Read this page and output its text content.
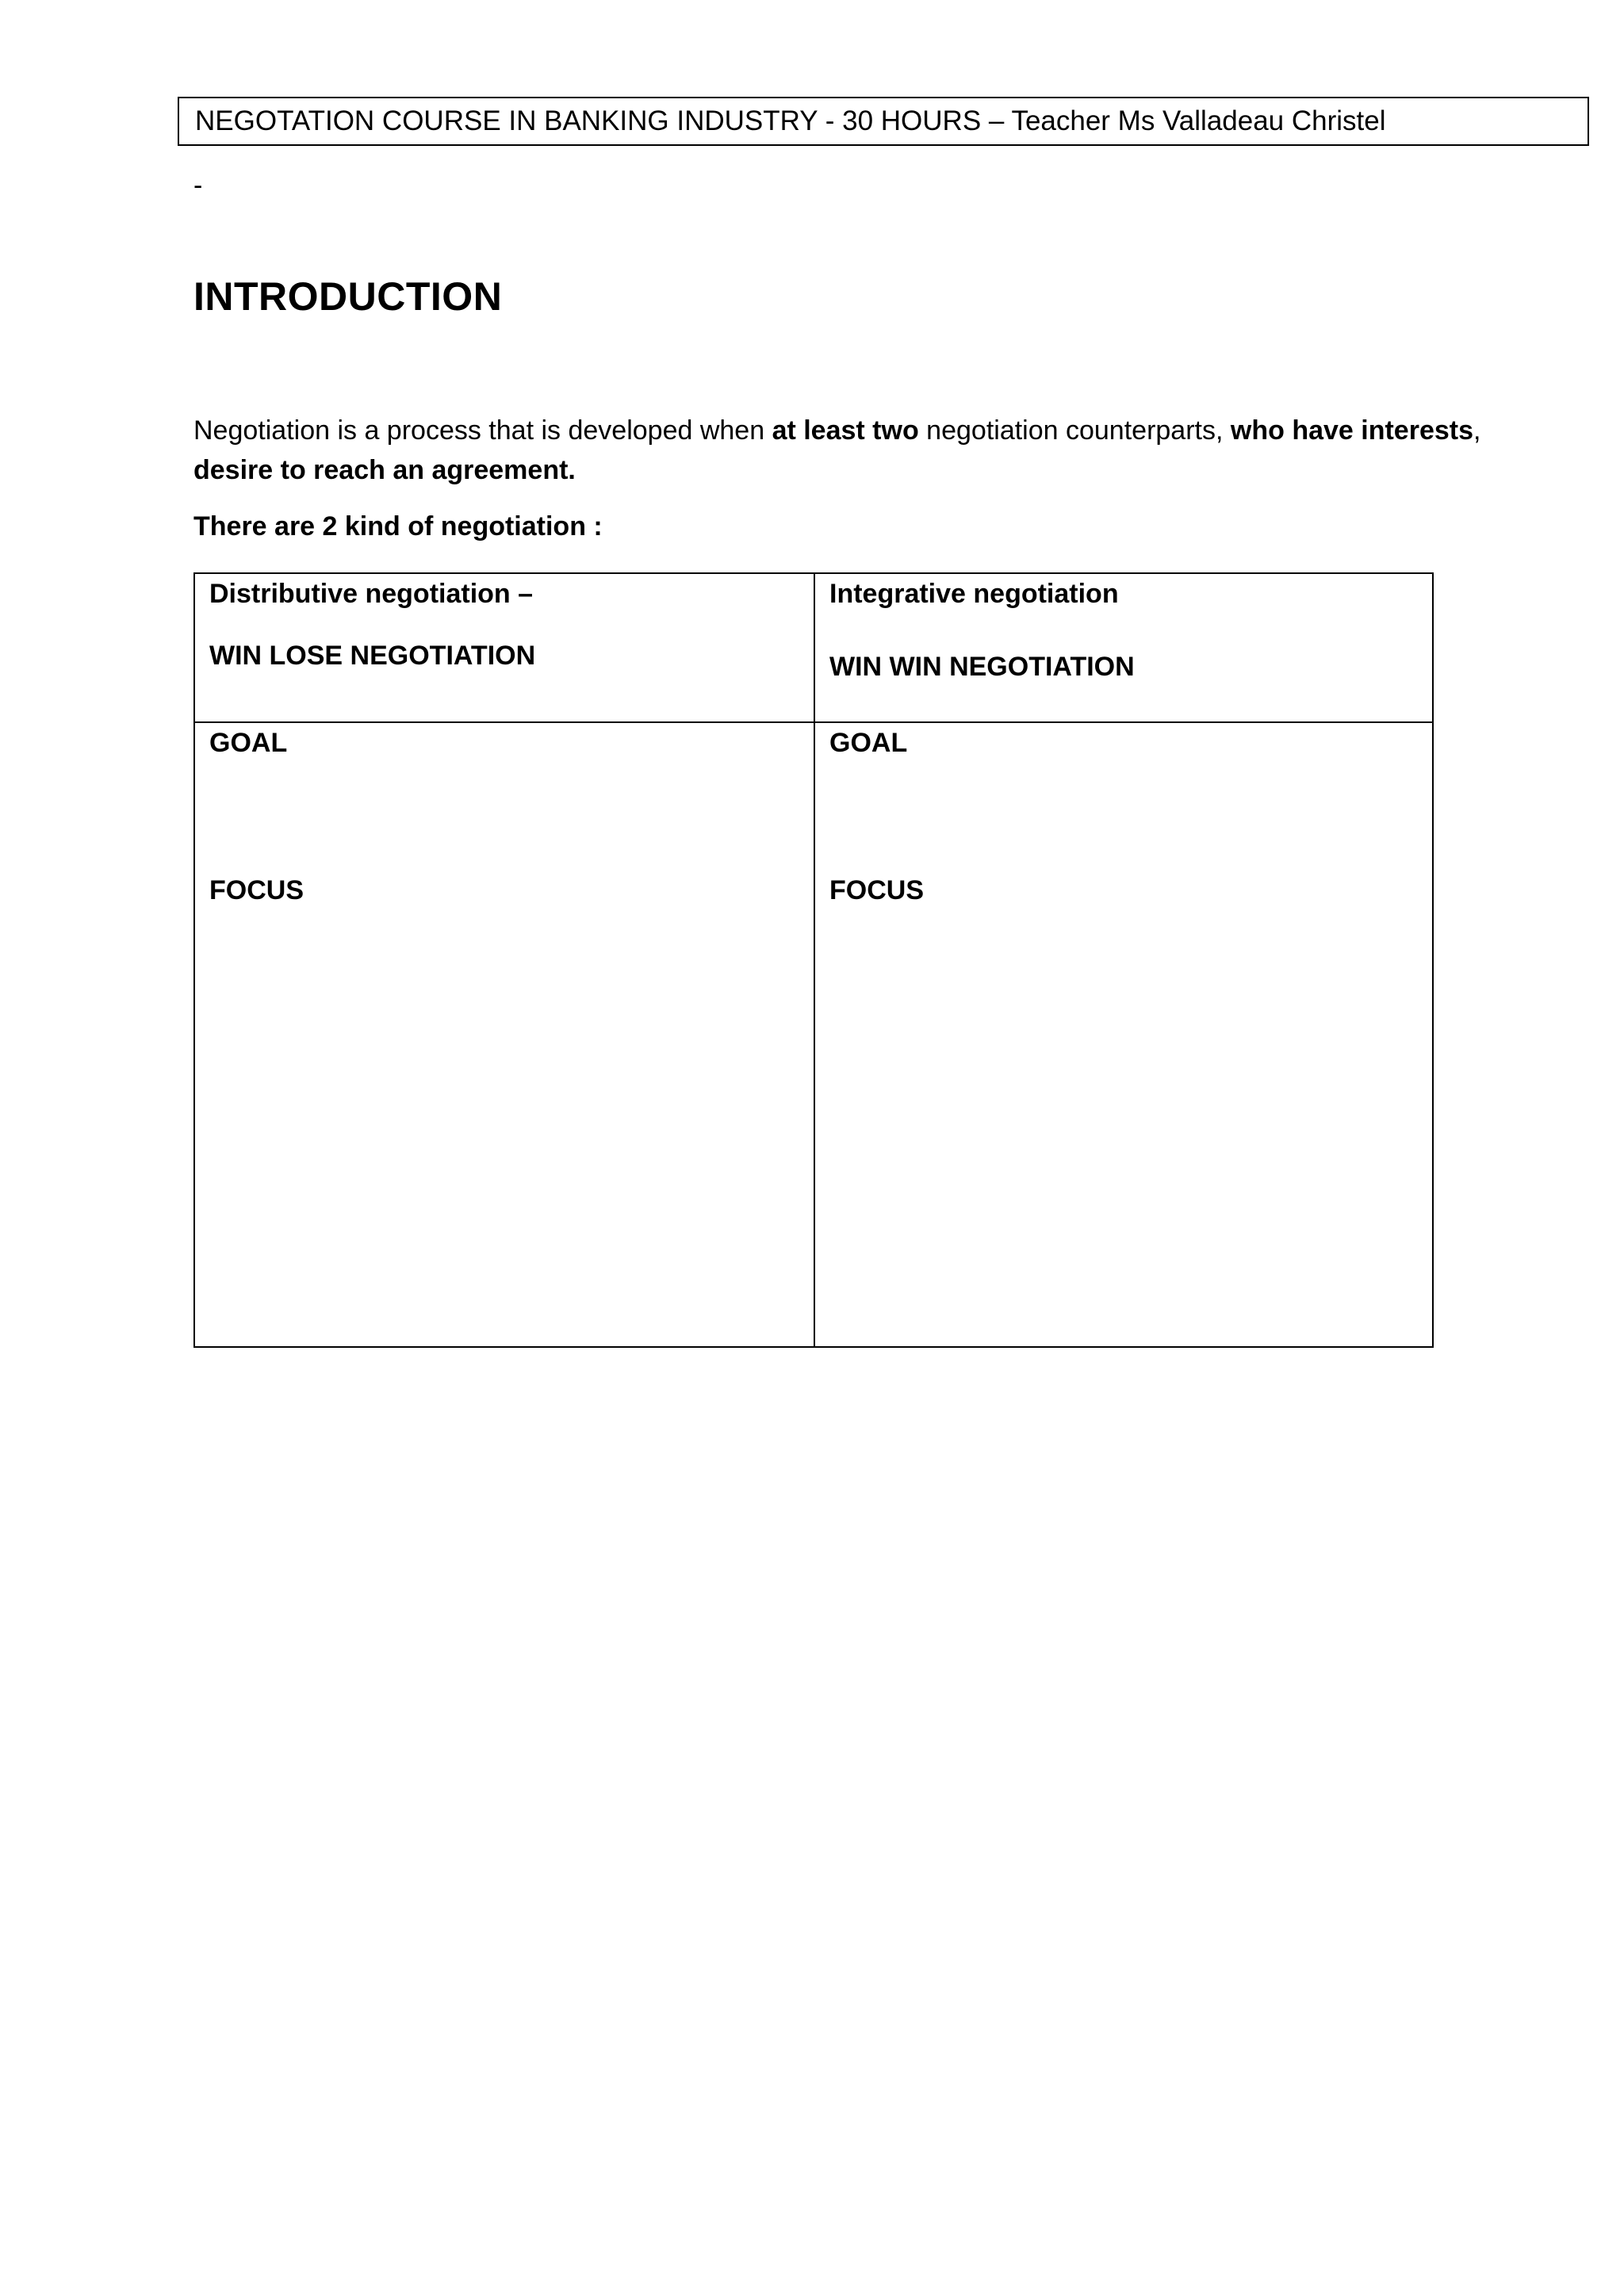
NEGOTATION COURSE IN BANKING INDUSTRY - 30 HOURS – Teacher Ms Valladeau Christel
-
INTRODUCTION
Negotiation is a process that is developed when at least two negotiation counterparts, who have interests, desire to reach an agreement.
There are 2 kind of negotiation :
Distributive negotiation –
WIN LOSE NEGOTIATION
GOAL
FOCUS
Integrative negotiation
WIN WIN NEGOTIATION
GOAL
FOCUS
